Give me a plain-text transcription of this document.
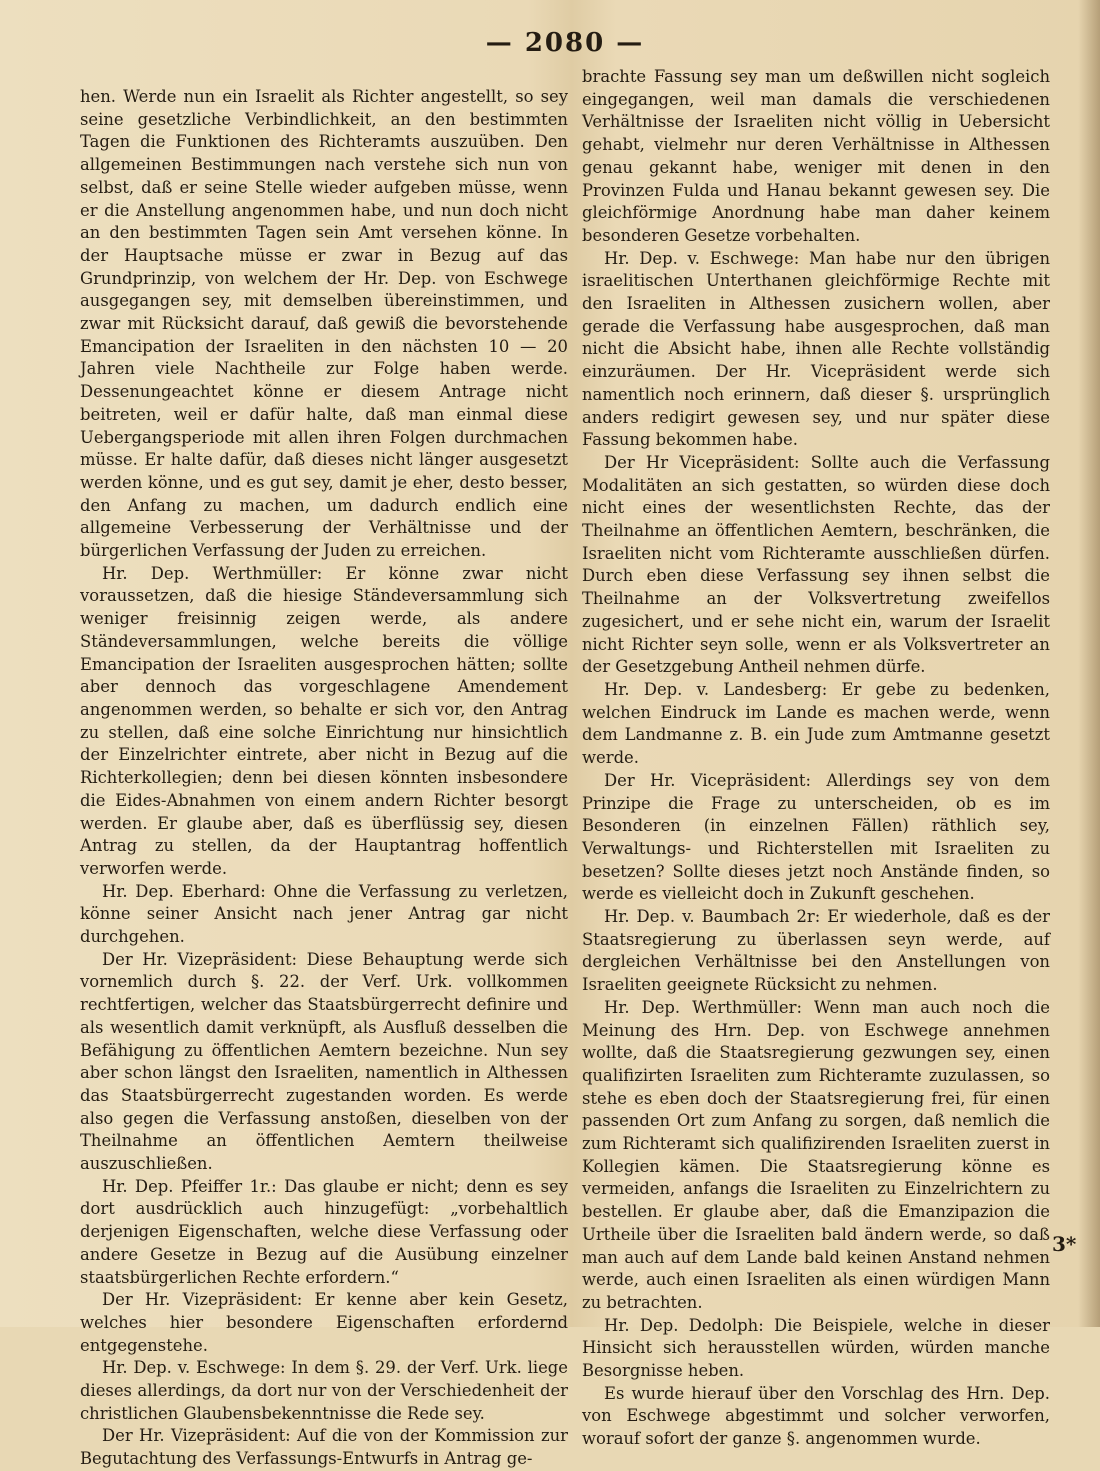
— 2080 —

hen. Werde nun ein Israelit als Richter angestellt, so sey seine gesetzliche Verbindlichkeit, an den bestimmten Tagen die Funktionen des Richteramts auszuüben. Den allgemeinen Bestimmungen nach verstehe sich nun von selbst, daß er seine Stelle wieder aufgeben müsse, wenn er die Anstellung angenommen habe, und nun doch nicht an den bestimmten Tagen sein Amt versehen könne. In der Hauptsache müsse er zwar in Bezug auf das Grundprinzip, von welchem der Hr. Dep. von Eschwege ausgegangen sey, mit demselben übereinstimmen, und zwar mit Rücksicht darauf, daß gewiß die bevorstehende Emancipation der Israeliten in den nächsten 10 — 20 Jahren viele Nachtheile zur Folge haben werde. Dessenungeachtet könne er diesem Antrage nicht beitreten, weil er dafür halte, daß man einmal diese Uebergangsperiode mit allen ihren Folgen durchmachen müsse. Er halte dafür, daß dieses nicht länger ausgesetzt werden könne, und es gut sey, damit je eher, desto besser, den Anfang zu machen, um dadurch endlich eine allgemeine Verbesserung der Verhältnisse und der bürgerlichen Verfassung der Juden zu erreichen.

Hr. Dep. Werthmüller: Er könne zwar nicht voraussetzen, daß die hiesige Ständeversammlung sich weniger freisinnig zeigen werde, als andere Ständeversammlungen, welche bereits die völlige Emancipation der Israeliten ausgesprochen hätten; sollte aber dennoch das vorgeschlagene Amendement angenommen werden, so behalte er sich vor, den Antrag zu stellen, daß eine solche Einrichtung nur hinsichtlich der Einzelrichter eintrete, aber nicht in Bezug auf die Richterkollegien; denn bei diesen könnten insbesondere die Eides-Abnahmen von einem andern Richter besorgt werden. Er glaube aber, daß es überflüssig sey, diesen Antrag zu stellen, da der Hauptantrag hoffentlich verworfen werde.

Hr. Dep. Eberhard: Ohne die Verfassung zu verletzen, könne seiner Ansicht nach jener Antrag gar nicht durchgehen.

Der Hr. Vizepräsident: Diese Behauptung werde sich vornemlich durch §. 22. der Verf. Urk. vollkommen rechtfertigen, welcher das Staatsbürgerrecht definire und als wesentlich damit verknüpft, als Ausfluß desselben die Befähigung zu öffentlichen Aemtern bezeichne. Nun sey aber schon längst den Israeliten, namentlich in Althessen das Staatsbürgerrecht zugestanden worden. Es werde also gegen die Verfassung anstoßen, dieselben von der Theilnahme an öffentlichen Aemtern theilweise auszuschließen.

Hr. Dep. Pfeiffer 1r.: Das glaube er nicht; denn es sey dort ausdrücklich auch hinzugefügt: „vorbehaltlich derjenigen Eigenschaften, welche diese Verfassung oder andere Gesetze in Bezug auf die Ausübung einzelner staatsbürgerlichen Rechte erfordern.“

Der Hr. Vizepräsident: Er kenne aber kein Gesetz, welches hier besondere Eigenschaften erfordernd entgegenstehe.

Hr. Dep. v. Eschwege: In dem §. 29. der Verf. Urk. liege dieses allerdings, da dort nur von der Verschiedenheit der christlichen Glaubensbekenntnisse die Rede sey.

Der Hr. Vizepräsident: Auf die von der Kommission zur Begutachtung des Verfassungs-Entwurfs in Antrag ge-

brachte Fassung sey man um deßwillen nicht sogleich eingegangen, weil man damals die verschiedenen Verhältnisse der Israeliten nicht völlig in Uebersicht gehabt, vielmehr nur deren Verhältnisse in Althessen genau gekannt habe, weniger mit denen in den Provinzen Fulda und Hanau bekannt gewesen sey. Die gleichförmige Anordnung habe man daher keinem besonderen Gesetze vorbehalten.

Hr. Dep. v. Eschwege: Man habe nur den übrigen israelitischen Unterthanen gleichförmige Rechte mit den Israeliten in Althessen zusichern wollen, aber gerade die Verfassung habe ausgesprochen, daß man nicht die Absicht habe, ihnen alle Rechte vollständig einzuräumen. Der Hr. Vicepräsident werde sich namentlich noch erinnern, daß dieser §. ursprünglich anders redigirt gewesen sey, und nur später diese Fassung bekommen habe.

Der Hr Vicepräsident: Sollte auch die Verfassung Modalitäten an sich gestatten, so würden diese doch nicht eines der wesentlichsten Rechte, das der Theilnahme an öffentlichen Aemtern, beschränken, die Israeliten nicht vom Richteramte ausschließen dürfen. Durch eben diese Verfassung sey ihnen selbst die Theilnahme an der Volksvertretung zweifellos zugesichert, und er sehe nicht ein, warum der Israelit nicht Richter seyn solle, wenn er als Volksvertreter an der Gesetzgebung Antheil nehmen dürfe.

Hr. Dep. v. Landesberg: Er gebe zu bedenken, welchen Eindruck im Lande es machen werde, wenn dem Landmanne z. B. ein Jude zum Amtmanne gesetzt werde.

Der Hr. Vicepräsident: Allerdings sey von dem Prinzipe die Frage zu unterscheiden, ob es im Besonderen (in einzelnen Fällen) räthlich sey, Verwaltungs- und Richterstellen mit Israeliten zu besetzen? Sollte dieses jetzt noch Anstände finden, so werde es vielleicht doch in Zukunft geschehen.

Hr. Dep. v. Baumbach 2r: Er wiederhole, daß es der Staatsregierung zu überlassen seyn werde, auf dergleichen Verhältnisse bei den Anstellungen von Israeliten geeignete Rücksicht zu nehmen.

Hr. Dep. Werthmüller: Wenn man auch noch die Meinung des Hrn. Dep. von Eschwege annehmen wollte, daß die Staatsregierung gezwungen sey, einen qualifizirten Israeliten zum Richteramte zuzulassen, so stehe es eben doch der Staatsregierung frei, für einen passenden Ort zum Anfang zu sorgen, daß nemlich die zum Richteramt sich qualifizirenden Israeliten zuerst in Kollegien kämen. Die Staatsregierung könne es vermeiden, anfangs die Israeliten zu Einzelrichtern zu bestellen. Er glaube aber, daß die Emanzipazion die Urtheile über die Israeliten bald ändern werde, so daß man auch auf dem Lande bald keinen Anstand nehmen werde, auch einen Israeliten als einen würdigen Mann zu betrachten.

Hr. Dep. Dedolph: Die Beispiele, welche in dieser Hinsicht sich herausstellen würden, würden manche Besorgnisse heben.

Es wurde hierauf über den Vorschlag des Hrn. Dep. von Eschwege abgestimmt und solcher verworfen, worauf sofort der ganze §. angenommen wurde.

3*
